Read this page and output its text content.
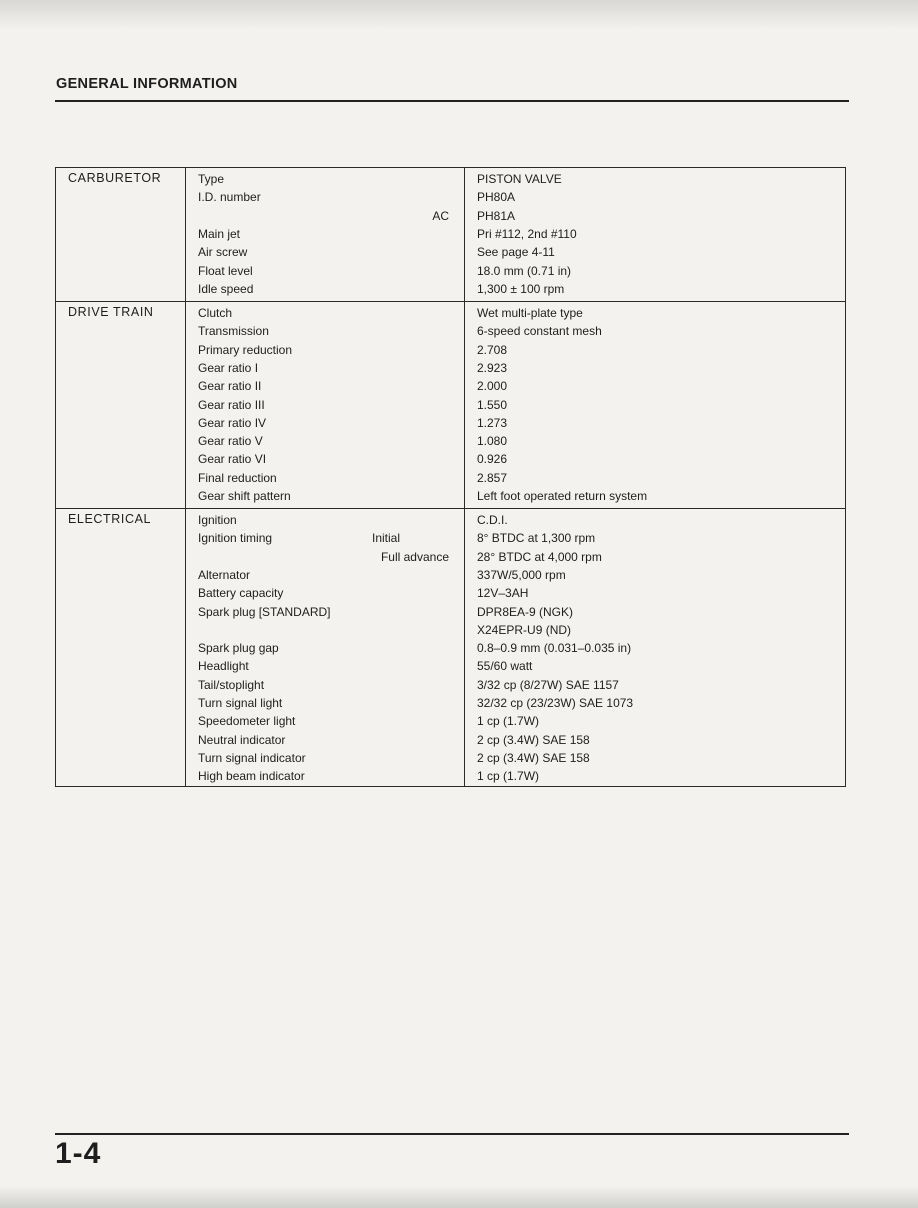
GENERAL INFORMATION
CARBURETOR	Type	PISTON VALVE
I.D. number	PH80A
AC PH81A
Main jet	Pri #112, 2nd #110
Air screw	See page 4-11
Float level	18.0 mm (0.71 in)
Idle speed	1,300 ± 100 rpm
DRIVE TRAIN	Clutch	Wet multi-plate type
Transmission	6-speed constant mesh
Primary reduction	2.708
Gear ratio I	2.923
Gear ratio II	2.000
Gear ratio III	1.550
Gear ratio IV	1.273
Gear ratio V	1.080
Gear ratio VI	0.926
Final reduction	2.857
Gear shift pattern	Left foot operated return system
ELECTRICAL	Ignition	C.D.I.
Ignition timing	Initial	8° BTDC at 1,300 rpm
Full advance 28° BTDC at 4,000 rpm
Alternator	337W/5,000 rpm
Battery capacity	12V–3AH
Spark plug [STANDARD]	DPR8EA-9 (NGK)
X24EPR-U9 (ND)
Spark plug gap	0.8–0.9 mm (0.031–0.035 in)
Headlight	55/60 watt
Tail/stoplight	3/32 cp (8/27W) SAE 1157
Turn signal light	32/32 cp (23/23W) SAE 1073
Speedometer light	1 cp (1.7W)
Neutral indicator	2 cp (3.4W) SAE 158
Turn signal indicator	2 cp (3.4W) SAE 158
High beam indicator	1 cp (1.7W)
1-4
